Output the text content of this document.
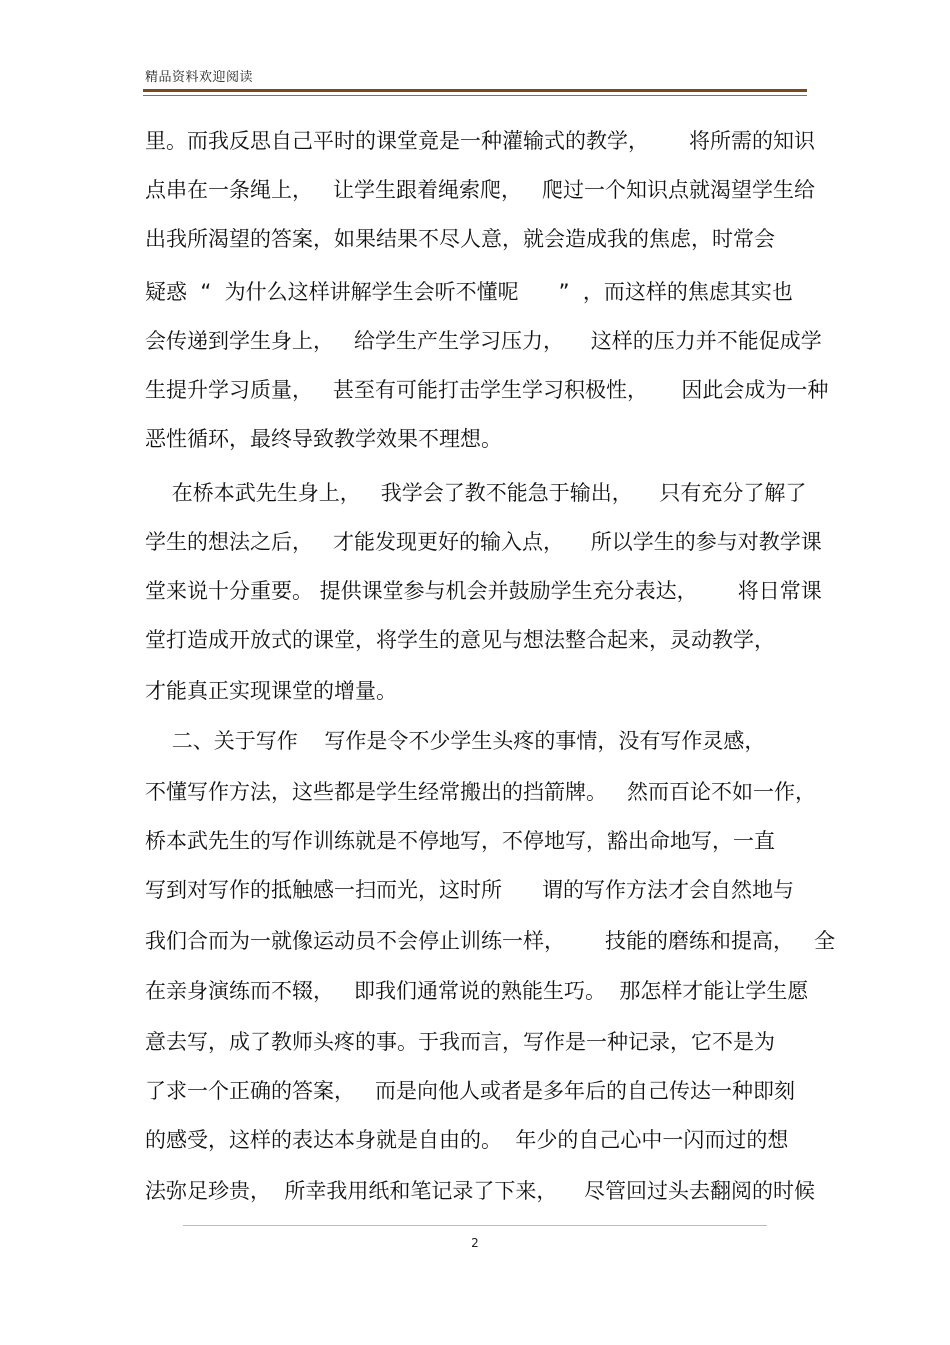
精品资料欢迎阅读
里。而我反思自己平时的课堂竟是一种灌输式的教学，      将所需的知识
点串在一条绳上，   让学生跟着绳索爬，   爬过一个知识点就渴望学生给
出我所渴望的答案，如果结果不尽人意，就会造成我的焦虑，时常会
疑惑  “  为什么这样讲解学生会听不懂呢      ”  ，而这样的焦虑其实也
会传递到学生身上，   给学生产生学习压力，    这样的压力并不能促成学
生提升学习质量，   甚至有可能打击学生学习积极性，     因此会成为一种
恶性循环，最终导致教学效果不理想。
在桥本武先生身上，   我学会了教不能急于输出，    只有充分了解了
学生的想法之后，   才能发现更好的输入点，    所以学生的参与对教学课
堂来说十分重要。 提供课堂参与机会并鼓励学生充分表达，      将日常课
堂打造成开放式的课堂，将学生的意见与想法整合起来，灵动教学，
才能真正实现课堂的增量。
二、关于写作    写作是令不少学生头疼的事情，没有写作灵感，
不懂写作方法，这些都是学生经常搬出的挡箭牌。   然而百论不如一作，
桥本武先生的写作训练就是不停地写，不停地写，豁出命地写，一直
写到对写作的抵触感一扫而光，这时所      谓的写作方法才会自然地与
我们合而为一就像运动员不会停止训练一样，      技能的磨练和提高，   全
在亲身演练而不辍，   即我们通常说的熟能生巧。  那怎样才能让学生愿
意去写，成了教师头疼的事。于我而言，写作是一种记录，它不是为
了求一个正确的答案，   而是向他人或者是多年后的自己传达一种即刻
的感受，这样的表达本身就是自由的。  年少的自己心中一闪而过的想
法弥足珍贵，  所幸我用纸和笔记录了下来，    尽管回过头去翻阅的时候
2
